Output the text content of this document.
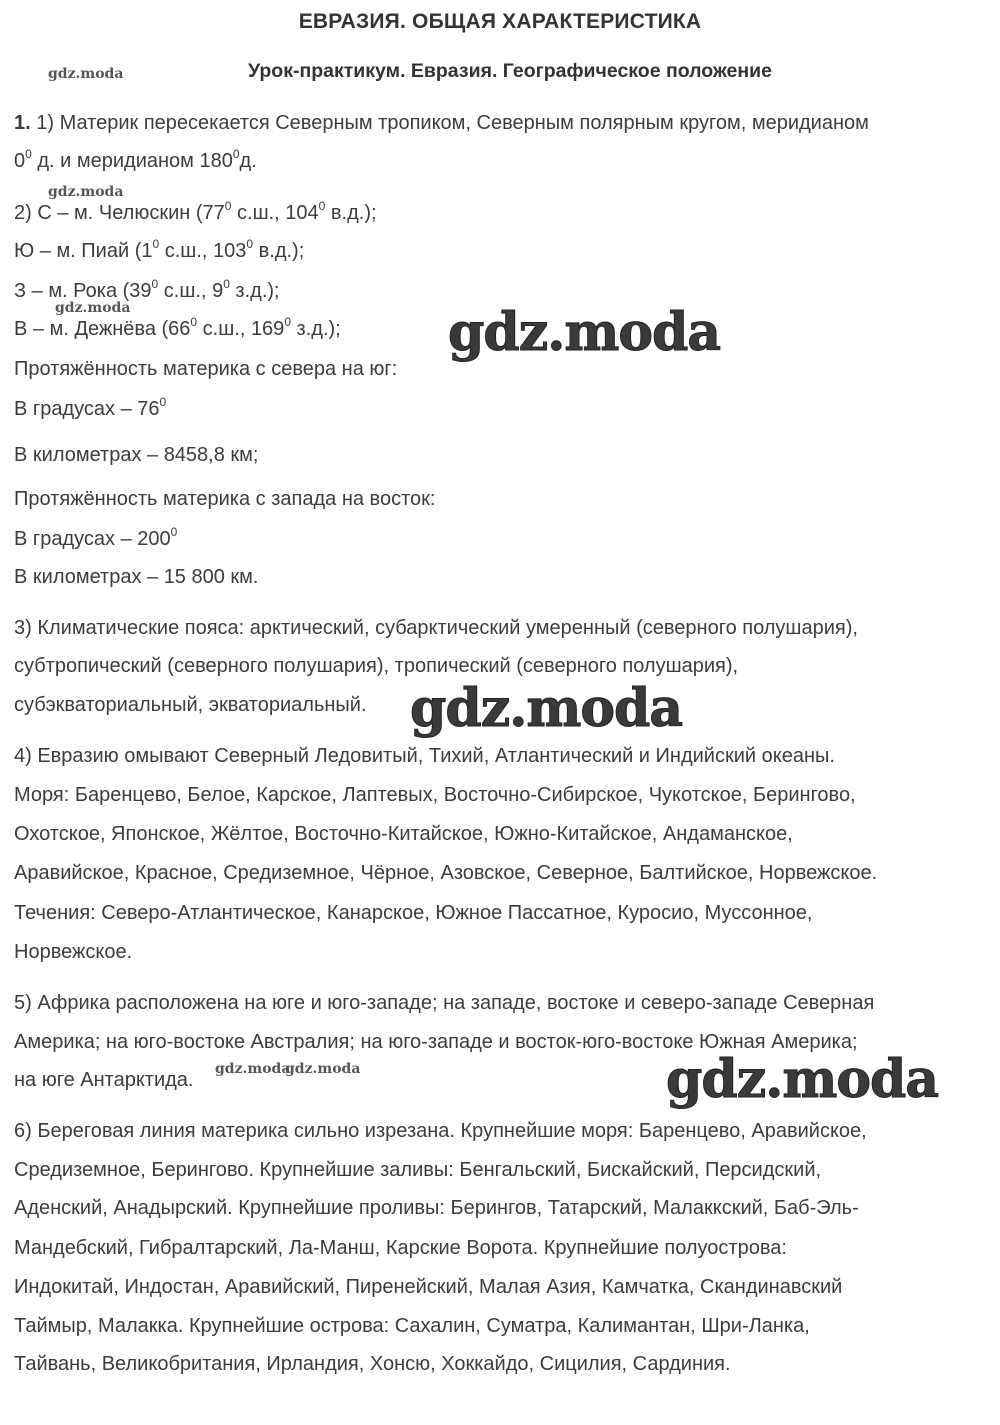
ЕВРАЗИЯ. ОБЩАЯ ХАРАКТЕРИСТИКА
Урок-практикум. Евразия. Географическое положение
gdz.moda
gdz.moda
gdz.moda
gdz.moda
gdz.moda
gdz.moda
gdz.moda
gdz.moda
1. 1) Материк пересекается Северным тропиком, Северным полярным кругом, меридианом
$0^0$ д. и меридианом $180^0д$.
2) С – м. Челюскин ($77^0$ с.ш., $104^0$ в.д.);
Ю – м. Пиай ($1^0$ с.ш., $103^0$ в.д.);
З – м. Рока ($39^0$ с.ш., $9^0$ з.д.);
В – м. Дежнёва ($66^0$ с.ш., $169^0$ з.д.);
Протяжённость материка с севера на юг:
В градусах – $76^0$
В километрах – 8458,8 км;
Протяжённость материка с запада на восток:
В градусах – $200^0$
В километрах – 15 800 км.
3) Климатические пояса: арктический, субарктический умеренный (северного полушария),
субтропический (северного полушария), тропический (северного полушария),
субэкваториальный, экваториальный.
4) Евразию омывают Северный Ледовитый, Тихий, Атлантический и Индийский океаны.
Моря: Баренцево, Белое, Карское, Лаптевых, Восточно-Сибирское, Чукотское, Берингово,
Охотское, Японское, Жёлтое, Восточно-Китайское, Южно-Китайское, Андаманское,
Аравийское, Красное, Средиземное, Чёрное, Азовское, Северное, Балтийское, Норвежское.
Течения: Северо-Атлантическое, Канарское, Южное Пассатное, Куросио, Муссонное,
Норвежское.
5) Африка расположена на юге и юго-западе; на западе, востоке и северо-западе Северная
Америка; на юго-востоке Австралия; на юго-западе и восток-юго-востоке Южная Америка;
на юге Антарктида.
6) Береговая линия материка сильно изрезана. Крупнейшие моря: Баренцево, Аравийское,
Средиземное, Берингово. Крупнейшие заливы: Бенгальский, Бискайский, Персидский,
Аденский, Анадырский. Крупнейшие проливы: Берингов, Татарский, Малаккский, Баб-Эль-
Мандебский, Гибралтарский, Ла-Манш, Карские Ворота. Крупнейшие полуострова:
Индокитай, Индостан, Аравийский, Пиренейский, Малая Азия, Камчатка, Скандинавский
Таймыр, Малакка. Крупнейшие острова: Сахалин, Суматра, Калимантан, Шри-Ланка,
Тайвань, Великобритания, Ирландия, Хонсю, Хоккайдо, Сицилия, Сардиния.
